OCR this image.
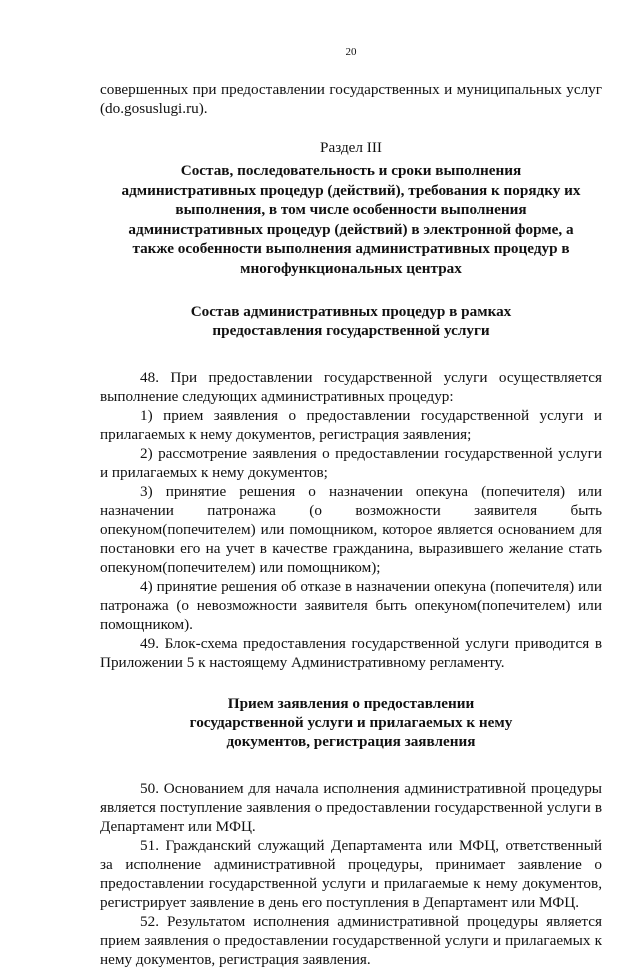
20

совершенных при предоставлении государственных и муниципальных услуг (do.gosuslugi.ru).

Раздел III

Состав, последовательность и сроки выполнения административных процедур (действий), требования к порядку их выполнения, в том числе особенности выполнения административных процедур (действий) в электронной форме, а также особенности выполнения административных процедур в многофункциональных центрах

Состав административных процедур в рамках предоставления государственной услуги

48. При предоставлении государственной услуги осуществляется выполнение следующих административных процедур:

1) прием заявления о предоставлении государственной услуги и прилагаемых к нему документов, регистрация заявления;

2) рассмотрение заявления о предоставлении государственной услуги и прилагаемых к нему документов;

3) принятие решения о назначении опекуна (попечителя) или назначении патронажа (о возможности заявителя быть опекуном(попечителем) или помощником, которое является основанием для постановки его на учет в качестве гражданина, выразившего желание стать опекуном(попечителем) или помощником);

4) принятие решения об отказе в назначении опекуна (попечителя) или патронажа (о невозможности заявителя быть опекуном(попечителем) или помощником).

49. Блок-схема предоставления государственной услуги приводится в Приложении 5 к настоящему Административному регламенту.

Прием заявления о предоставлении государственной услуги и прилагаемых к нему документов, регистрация заявления

50. Основанием для начала исполнения административной процедуры является поступление заявления о предоставлении государственной услуги в Департамент или МФЦ.

51. Гражданский служащий Департамента или МФЦ, ответственный за исполнение административной процедуры, принимает заявление о предоставлении государственной услуги и прилагаемые к нему документов, регистрирует заявление в день его поступления в Департамент или МФЦ.

52. Результатом исполнения административной процедуры является прием заявления о предоставлении государственной услуги и прилагаемых к нему документов, регистрация заявления.
